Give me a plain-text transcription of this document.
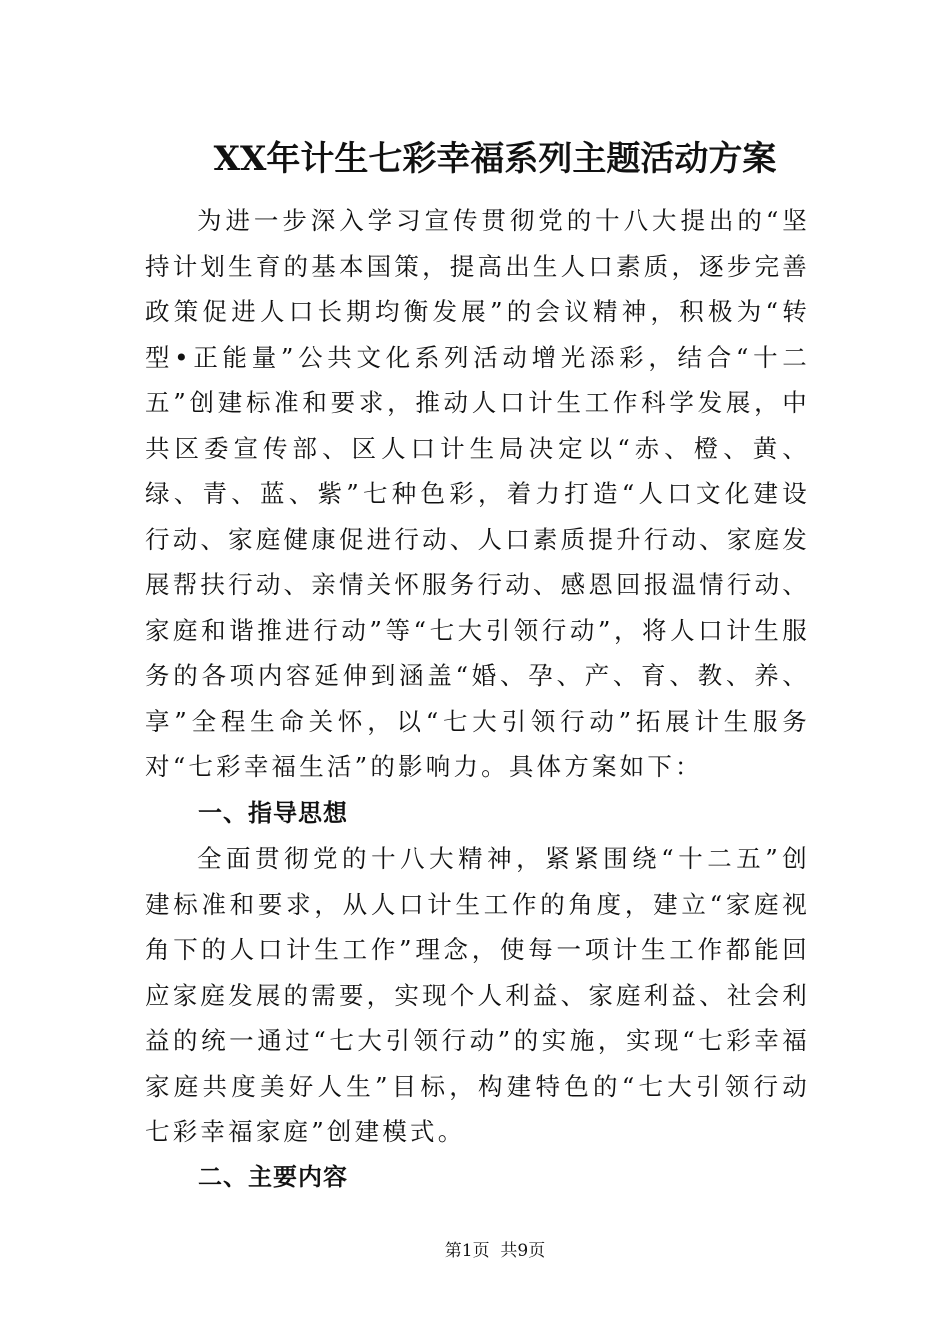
XX年计生七彩幸福系列主题活动方案

为进一步深入学习宣传贯彻党的十八大提出的“坚持计划生育的基本国策，提高出生人口素质，逐步完善政策促进人口长期均衡发展”的会议精神，积极为“转型•正能量”公共文化系列活动增光添彩，结合“十二五”创建标准和要求，推动人口计生工作科学发展，中共区委宣传部、区人口计生局决定以“赤、橙、黄、绿、青、蓝、紫”七种色彩，着力打造“人口文化建设行动、家庭健康促进行动、人口素质提升行动、家庭发展帮扶行动、亲情关怀服务行动、感恩回报温情行动、家庭和谐推进行动”等“七大引领行动”，将人口计生服务的各项内容延伸到涵盖“婚、孕、产、育、教、养、享”全程生命关怀，以“七大引领行动”拓展计生服务对“七彩幸福生活”的影响力。具体方案如下：

一、指导思想

全面贯彻党的十八大精神，紧紧围绕“十二五”创建标准和要求，从人口计生工作的角度，建立“家庭视角下的人口计生工作”理念，使每一项计生工作都能回应家庭发展的需要，实现个人利益、家庭利益、社会利益的统一通过“七大引领行动”的实施，实现“七彩幸福家庭共度美好人生”目标，构建特色的“七大引领行动七彩幸福家庭”创建模式。

二、主要内容
第1页  共9页
